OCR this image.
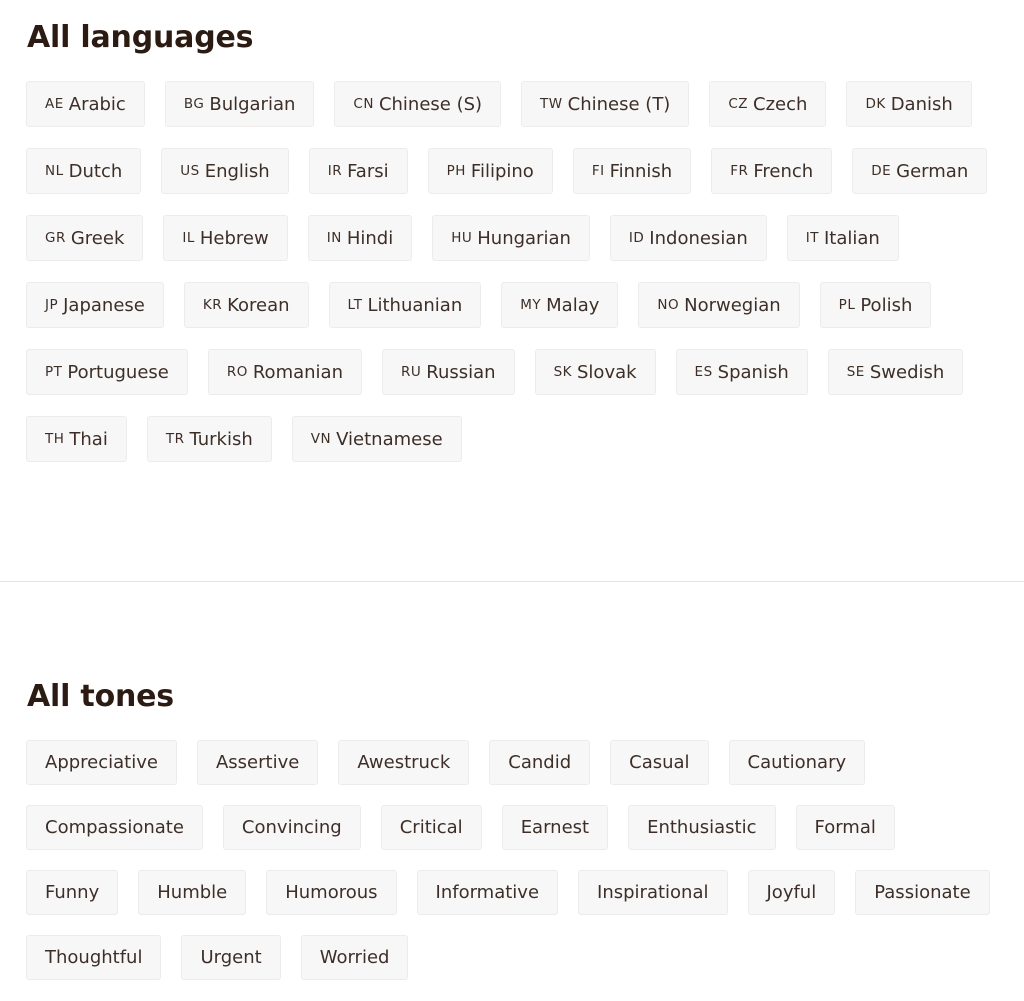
All languages
AE Arabic	BG Bulgarian	CN Chinese (S)	TW Chinese (T)	CZ Czech	DK Danish
NL Dutch	US English	IR Farsi	PH Filipino	FI Finnish	FR French	DE German
GR Greek	IL Hebrew	IN Hindi	HU Hungarian	ID Indonesian	IT Italian
JP Japanese	KR Korean	LT Lithuanian	MY Malay	NO Norwegian	PL Polish
PT Portuguese	RO Romanian	RU Russian	SK Slovak	ES Spanish	SE Swedish
TH Thai	TR Turkish	VN Vietnamese
All tones
Appreciative	Assertive	Awestruck	Candid	Casual	Cautionary
Compassionate	Convincing	Critical	Earnest	Enthusiastic	Formal
Funny	Humble	Humorous	Informative	Inspirational	Joyful	Passionate
Thoughtful	Urgent	Worried
